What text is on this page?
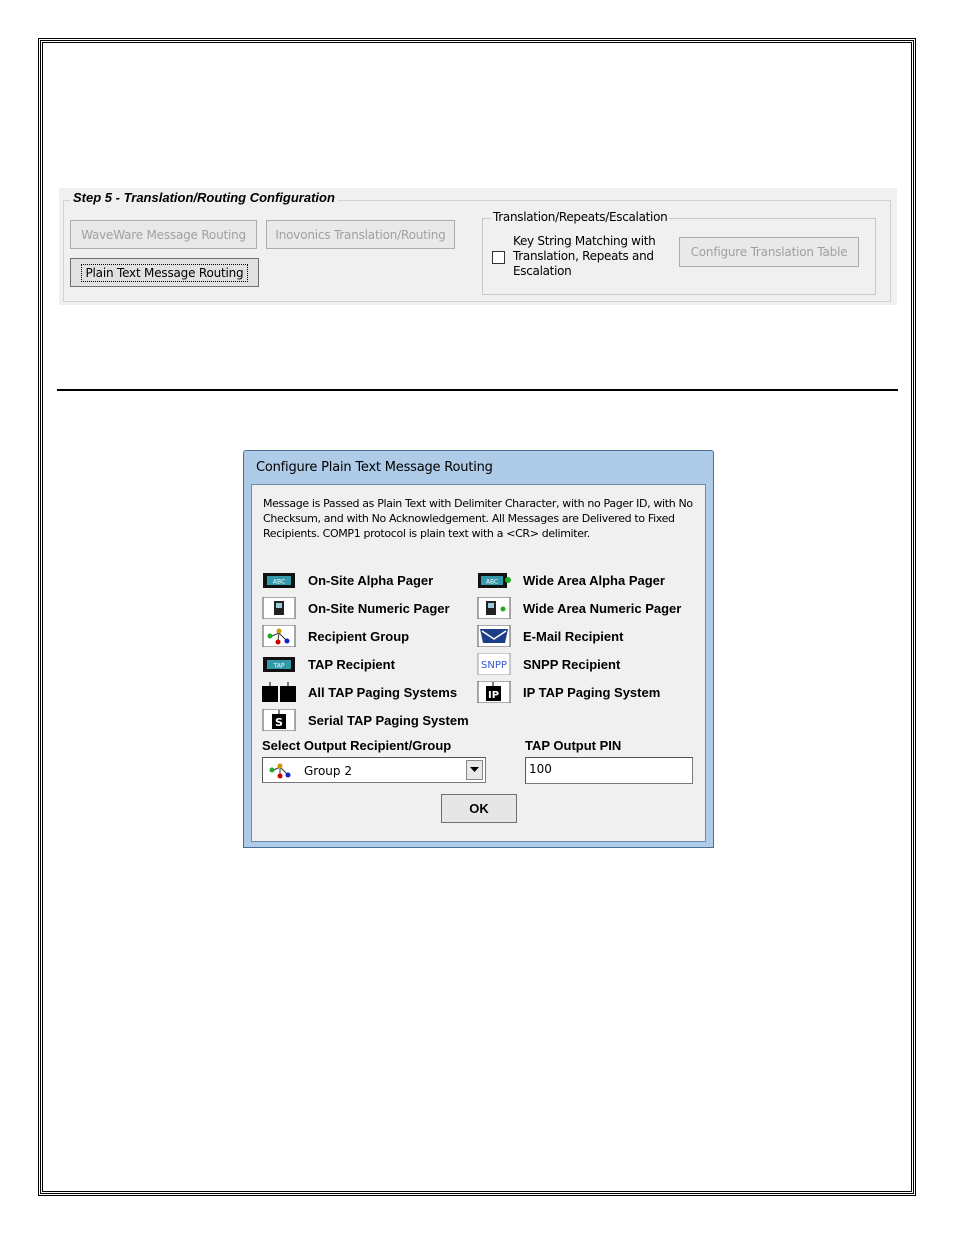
Step 5 - Translation/Routing Configuration
WaveWare Message Routing	Inovonics Translation/Routing
Plain Text Message Routing
Translation/Repeats/Escalation
Key String Matching with Translation, Repeats and Escalation
Configure Translation Table
Configure Plain Text Message Routing
Message is Passed as Plain Text with Delimiter Character, with no Pager ID, with No Checksum, and with No Acknowledgement. All Messages are Delivered to Fixed Recipients. COMP1 protocol is plain text with a <CR> delimiter.
ABC On-Site Alpha Pager	ABC Wide Area Alpha Pager
On-Site Numeric Pager	Wide Area Numeric Pager
Recipient Group	E-Mail Recipient
TAP TAP Recipient	SNPP SNPP Recipient
All TAP Paging Systems	IP IP TAP Paging System
S Serial TAP Paging System
Select Output Recipient/Group	TAP Output PIN
Group 2	100
OK
